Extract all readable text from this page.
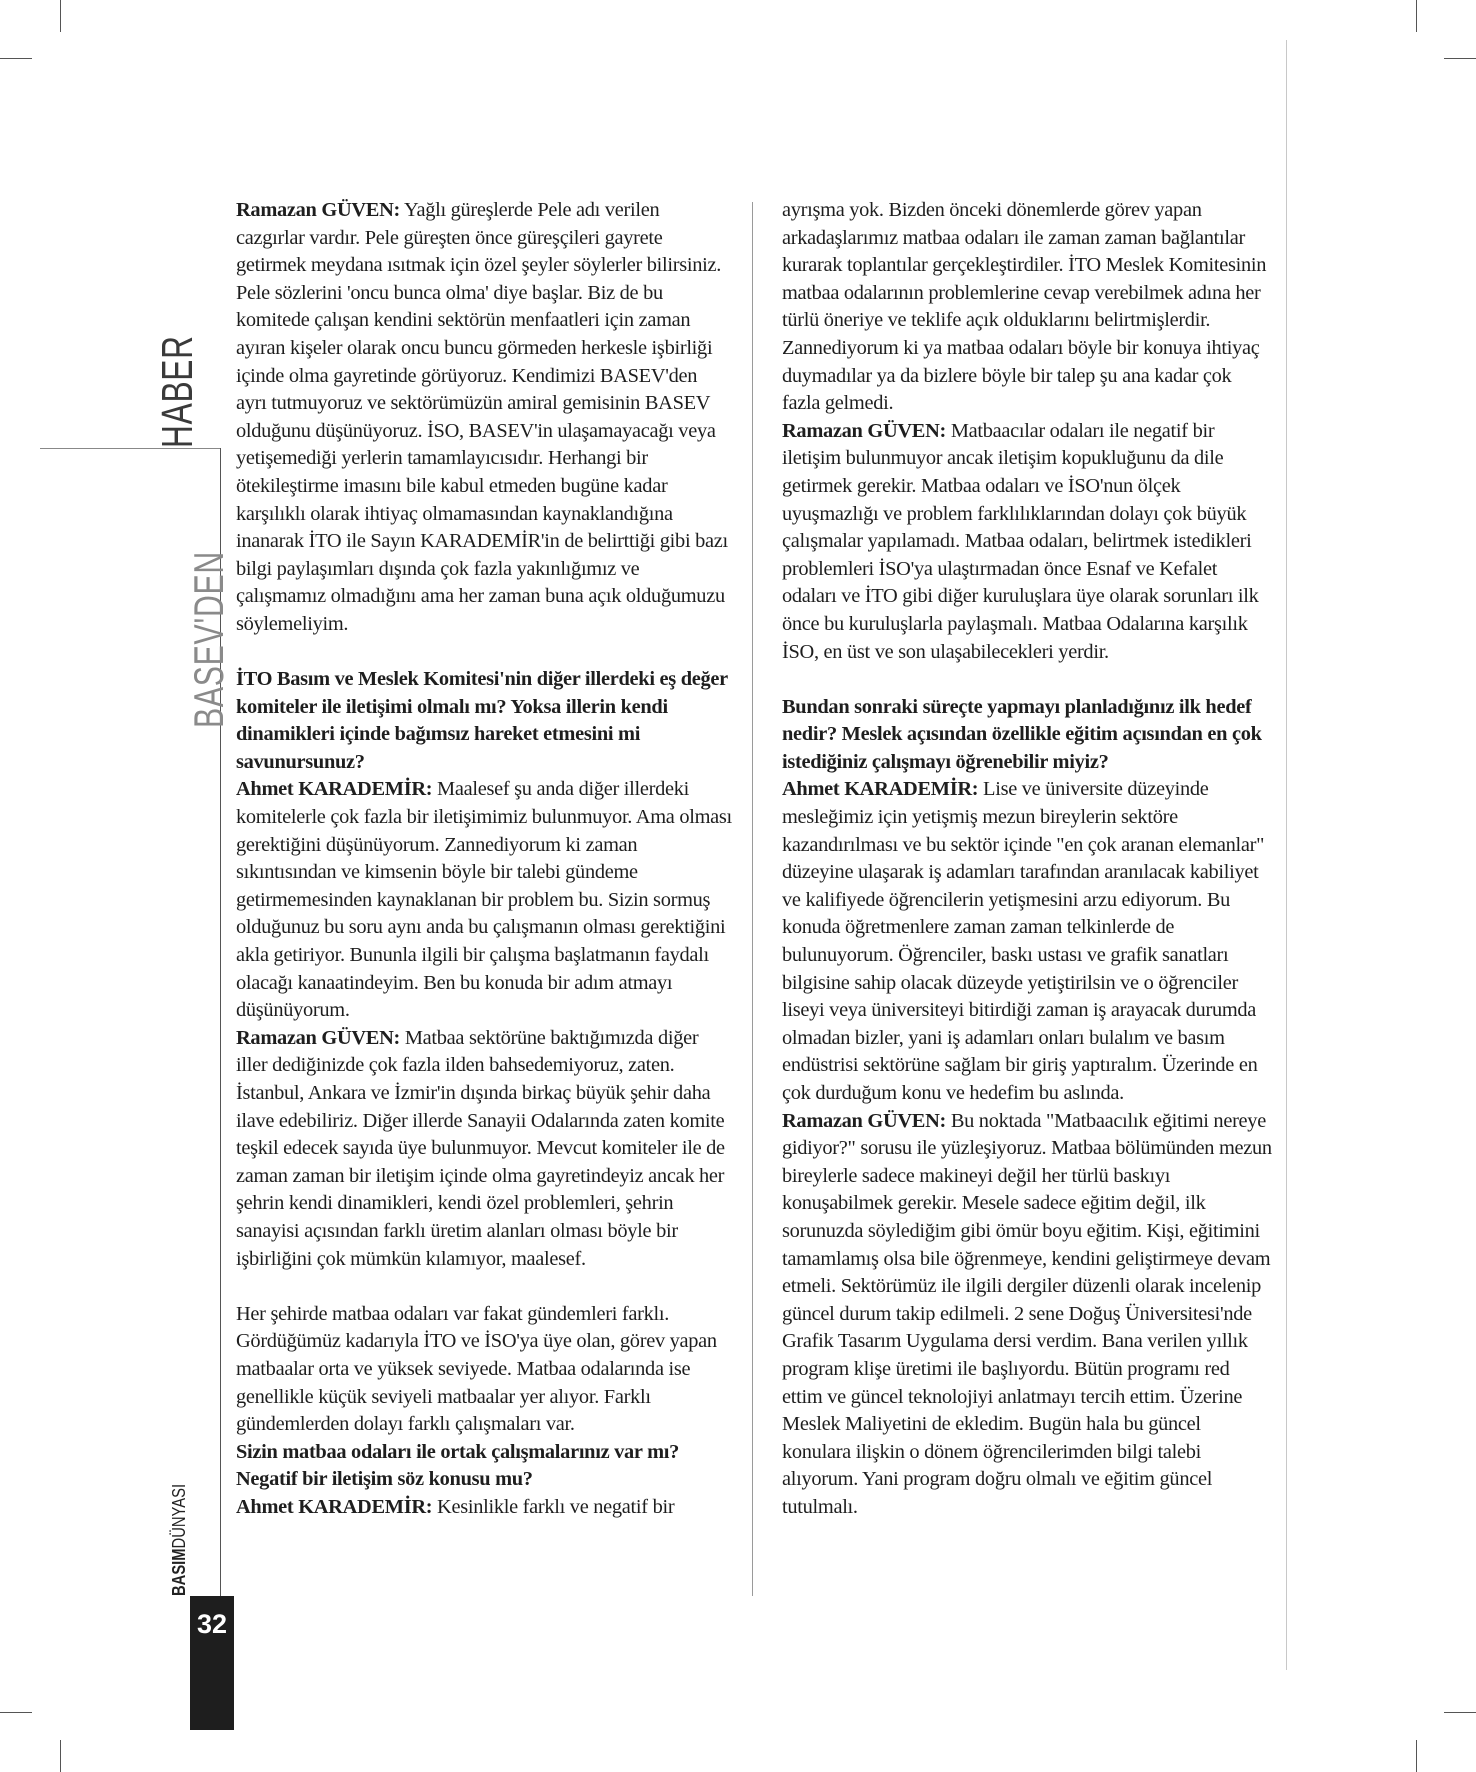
HABER
BASEV'DEN
BASIMDÜNYASI
32

Ramazan GÜVEN: Yağlı güreşlerde Pele adı verilen cazgırlar vardır. Pele güreşten önce güreşçileri gayrete getirmek meydana ısıtmak için özel şeyler söylerler bilirsiniz. Pele sözlerini 'oncu bunca olma' diye başlar. Biz de bu komitede çalışan kendini sektörün menfaatleri için zaman ayıran kişeler olarak oncu buncu görmeden herkesle işbirliği içinde olma gayretinde görüyoruz. Kendimizi BASEV'den ayrı tutmuyoruz ve sektörümüzün amiral gemisinin BASEV olduğunu düşünüyoruz. İSO, BASEV'in ulaşamayacağı veya yetişemediği yerlerin tamamlayıcısıdır. Herhangi bir ötekileştirme imasını bile kabul etmeden bugüne kadar karşılıklı olarak ihtiyaç olmamasından kaynaklandığına inanarak İTO ile Sayın KARADEMİR'in de belirttiği gibi bazı bilgi paylaşımları dışında çok fazla yakınlığımız ve çalışmamız olmadığını ama her zaman buna açık olduğumuzu söylemeliyim.

İTO Basım ve Meslek Komitesi'nin diğer illerdeki eş değer komiteler ile iletişimi olmalı mı? Yoksa illerin kendi dinamikleri içinde bağımsız hareket etmesini mi savunursunuz?

Ahmet KARADEMİR: Maalesef şu anda diğer illerdeki komitelerle çok fazla bir iletişimimiz bulunmuyor. Ama olması gerektiğini düşünüyorum. Zannediyorum ki zaman sıkıntısından ve kimsenin böyle bir talebi gündeme getirmemesinden kaynaklanan bir problem bu. Sizin sormuş olduğunuz bu soru aynı anda bu çalışmanın olması gerektiğini akla getiriyor. Bununla ilgili bir çalışma başlatmanın faydalı olacağı kanaatindeyim. Ben bu konuda bir adım atmayı düşünüyorum.

Ramazan GÜVEN: Matbaa sektörüne baktığımızda diğer iller dediğinizde çok fazla ilden bahsedemiyoruz, zaten. İstanbul, Ankara ve İzmir'in dışında birkaç büyük şehir daha ilave edebiliriz. Diğer illerde Sanayii Odalarında zaten komite teşkil edecek sayıda üye bulunmuyor. Mevcut komiteler ile de zaman zaman bir iletişim içinde olma gayretindeyiz ancak her şehrin kendi dinamikleri, kendi özel problemleri, şehrin sanayisi açısından farklı üretim alanları olması böyle bir işbirliğini çok mümkün kılamıyor, maalesef.

Her şehirde matbaa odaları var fakat gündemleri farklı. Gördüğümüz kadarıyla İTO ve İSO'ya üye olan, görev yapan matbaalar orta ve yüksek seviyede. Matbaa odalarında ise genellikle küçük seviyeli matbaalar yer alıyor. Farklı gündemlerden dolayı farklı çalışmaları var.

Sizin matbaa odaları ile ortak çalışmalarınız var mı? Negatif bir iletişim söz konusu mu?

Ahmet KARADEMİR: Kesinlikle farklı ve negatif bir

ayrışma yok. Bizden önceki dönemlerde görev yapan arkadaşlarımız matbaa odaları ile zaman zaman bağlantılar kurarak toplantılar gerçekleştirdiler. İTO Meslek Komitesinin matbaa odalarının problemlerine cevap verebilmek adına her türlü öneriye ve teklife açık olduklarını belirtmişlerdir. Zannediyorum ki ya matbaa odaları böyle bir konuya ihtiyaç duymadılar ya da bizlere böyle bir talep şu ana kadar çok fazla gelmedi.

Ramazan GÜVEN: Matbaacılar odaları ile negatif bir iletişim bulunmuyor ancak iletişim kopukluğunu da dile getirmek gerekir. Matbaa odaları ve İSO'nun ölçek uyuşmazlığı ve problem farklılıklarından dolayı çok büyük çalışmalar yapılamadı. Matbaa odaları, belirtmek istedikleri problemleri İSO'ya ulaştırmadan önce Esnaf ve Kefalet odaları ve İTO gibi diğer kuruluşlara üye olarak sorunları ilk önce bu kuruluşlarla paylaşmalı. Matbaa Odalarına karşılık İSO, en üst ve son ulaşabilecekleri yerdir.

Bundan sonraki süreçte yapmayı planladığınız ilk hedef nedir? Meslek açısından özellikle eğitim açısından en çok istediğiniz çalışmayı öğrenebilir miyiz?

Ahmet KARADEMİR: Lise ve üniversite düzeyinde mesleğimiz için yetişmiş mezun bireylerin sektöre kazandırılması ve bu sektör içinde "en çok aranan elemanlar" düzeyine ulaşarak iş adamları tarafından aranılacak kabiliyet ve kalifiyede öğrencilerin yetişmesini arzu ediyorum. Bu konuda öğretmenlere zaman zaman telkinlerde de bulunuyorum. Öğrenciler, baskı ustası ve grafik sanatları bilgisine sahip olacak düzeyde yetiştirilsin ve o öğrenciler liseyi veya üniversiteyi bitirdiği zaman iş arayacak durumda olmadan bizler, yani iş adamları onları bulalım ve basım endüstrisi sektörüne sağlam bir giriş yaptıralım. Üzerinde en çok durduğum konu ve hedefim bu aslında.

Ramazan GÜVEN: Bu noktada "Matbaacılık eğitimi nereye gidiyor?" sorusu ile yüzleşiyoruz. Matbaa bölümünden mezun bireylerle sadece makineyi değil her türlü baskıyı konuşabilmek gerekir. Mesele sadece eğitim değil, ilk sorunuzda söylediğim gibi ömür boyu eğitim. Kişi, eğitimini tamamlamış olsa bile öğrenmeye, kendini geliştirmeye devam etmeli. Sektörümüz ile ilgili dergiler düzenli olarak incelenip güncel durum takip edilmeli. 2 sene Doğuş Üniversitesi'nde Grafik Tasarım Uygulama dersi verdim. Bana verilen yıllık program klişe üretimi ile başlıyordu. Bütün programı red ettim ve güncel teknolojiyi anlatmayı tercih ettim. Üzerine Meslek Maliyetini de ekledim. Bugün hala bu güncel konulara ilişkin o dönem öğrencilerimden bilgi talebi alıyorum. Yani program doğru olmalı ve eğitim güncel tutulmalı.
